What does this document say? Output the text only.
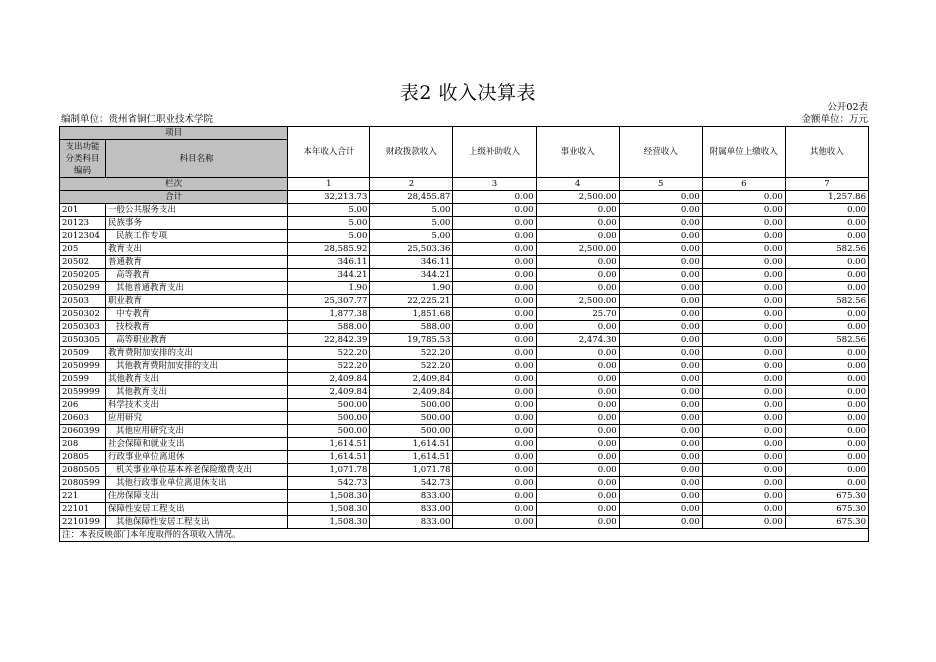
表2 收入决算表
公开02表
编制单位：贵州省铜仁职业技术学院	金额单位：万元
项目		本年收入合计	财政拨款收入	上级补助收入	事业收入	经营收入	附属单位上缴收入	其他收入
支出功能分类科目编码	科目名称							
栏次		1	2	3	4	5	6	7
合计		32,213.73	28,455.87	0.00	2,500.00	0.00	0.00	1,257.86
201	一般公共服务支出	5.00	5.00	0.00	0.00	0.00	0.00	0.00
20123	民族事务	5.00	5.00	0.00	0.00	0.00	0.00	0.00
2012304	民族工作专项	5.00	5.00	0.00	0.00	0.00	0.00	0.00
205	教育支出	28,585.92	25,503.36	0.00	2,500.00	0.00	0.00	582.56
20502	普通教育	346.11	346.11	0.00	0.00	0.00	0.00	0.00
2050205	高等教育	344.21	344.21	0.00	0.00	0.00	0.00	0.00
2050299	其他普通教育支出	1.90	1.90	0.00	0.00	0.00	0.00	0.00
20503	职业教育	25,307.77	22,225.21	0.00	2,500.00	0.00	0.00	582.56
2050302	中专教育	1,877.38	1,851.68	0.00	25.70	0.00	0.00	0.00
2050303	技校教育	588.00	588.00	0.00	0.00	0.00	0.00	0.00
2050305	高等职业教育	22,842.39	19,785.53	0.00	2,474.30	0.00	0.00	582.56
20509	教育费附加安排的支出	522.20	522.20	0.00	0.00	0.00	0.00	0.00
2050999	其他教育费附加安排的支出	522.20	522.20	0.00	0.00	0.00	0.00	0.00
20599	其他教育支出	2,409.84	2,409.84	0.00	0.00	0.00	0.00	0.00
2059999	其他教育支出	2,409.84	2,409.84	0.00	0.00	0.00	0.00	0.00
206	科学技术支出	500.00	500.00	0.00	0.00	0.00	0.00	0.00
20603	应用研究	500.00	500.00	0.00	0.00	0.00	0.00	0.00
2060399	其他应用研究支出	500.00	500.00	0.00	0.00	0.00	0.00	0.00
208	社会保障和就业支出	1,614.51	1,614.51	0.00	0.00	0.00	0.00	0.00
20805	行政事业单位离退休	1,614.51	1,614.51	0.00	0.00	0.00	0.00	0.00
2080505	机关事业单位基本养老保险缴费支出	1,071.78	1,071.78	0.00	0.00	0.00	0.00	0.00
2080599	其他行政事业单位离退休支出	542.73	542.73	0.00	0.00	0.00	0.00	0.00
221	住房保障支出	1,508.30	833.00	0.00	0.00	0.00	0.00	675.30
22101	保障性安居工程支出	1,508.30	833.00	0.00	0.00	0.00	0.00	675.30
2210199	其他保障性安居工程支出	1,508.30	833.00	0.00	0.00	0.00	0.00	675.30
注：本表反映部门本年度取得的各项收入情况。								
